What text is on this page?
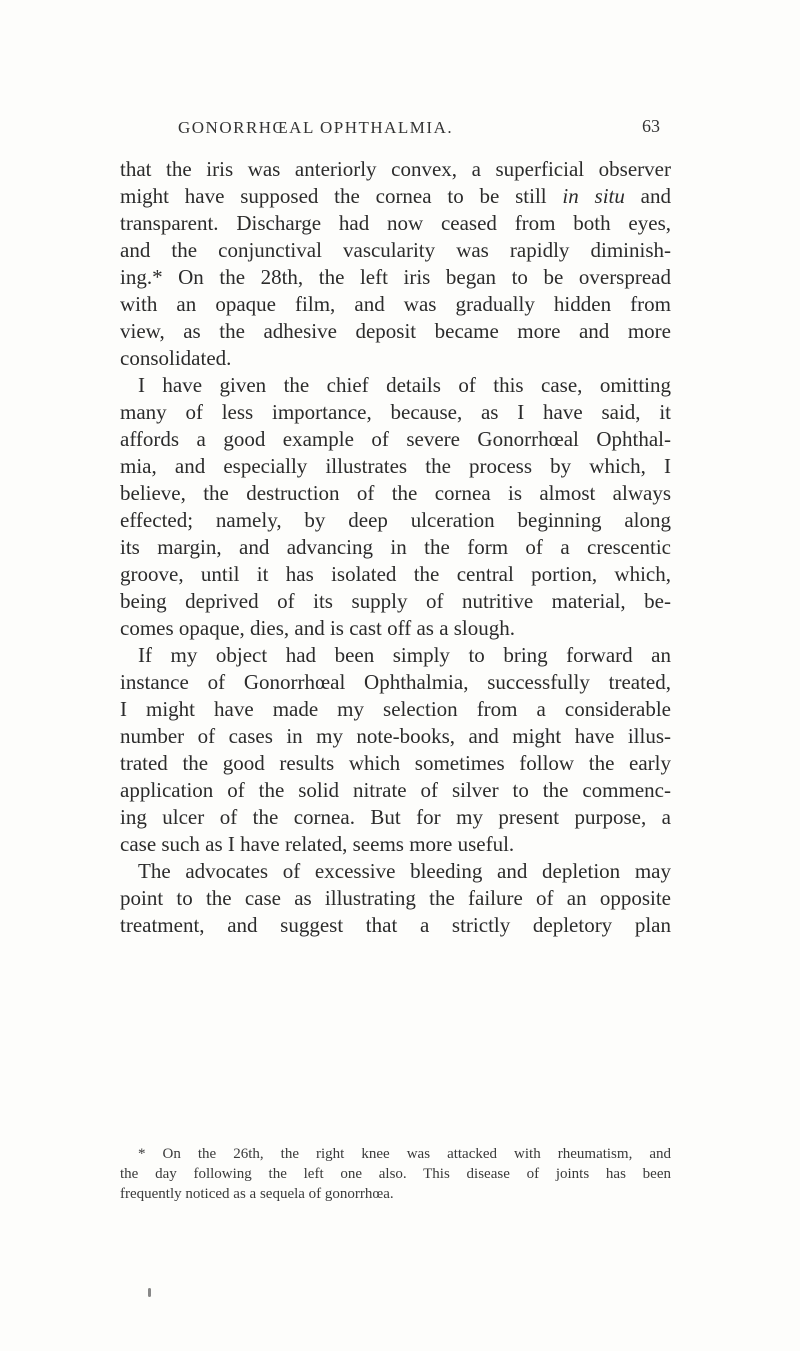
GONORRHŒAL OPHTHALMIA.	63
that the iris was anteriorly convex, a superficial observer
might have supposed the cornea to be still in situ and
transparent. Discharge had now ceased from both eyes,
and the conjunctival vascularity was rapidly diminish-
ing.* On the 28th, the left iris began to be overspread
with an opaque film, and was gradually hidden from
view, as the adhesive deposit became more and more
consolidated.
I have given the chief details of this case, omitting
many of less importance, because, as I have said, it
affords a good example of severe Gonorrhœal Ophthal-
mia, and especially illustrates the process by which, I
believe, the destruction of the cornea is almost always
effected; namely, by deep ulceration beginning along
its margin, and advancing in the form of a crescentic
groove, until it has isolated the central portion, which,
being deprived of its supply of nutritive material, be-
comes opaque, dies, and is cast off as a slough.
If my object had been simply to bring forward an
instance of Gonorrhœal Ophthalmia, successfully treated,
I might have made my selection from a considerable
number of cases in my note-books, and might have illus-
trated the good results which sometimes follow the early
application of the solid nitrate of silver to the commenc-
ing ulcer of the cornea. But for my present purpose, a
case such as I have related, seems more useful.
The advocates of excessive bleeding and depletion may
point to the case as illustrating the failure of an opposite
treatment, and suggest that a strictly depletory plan
* On the 26th, the right knee was attacked with rheumatism, and
the day following the left one also. This disease of joints has been
frequently noticed as a sequela of gonorrhœa.
